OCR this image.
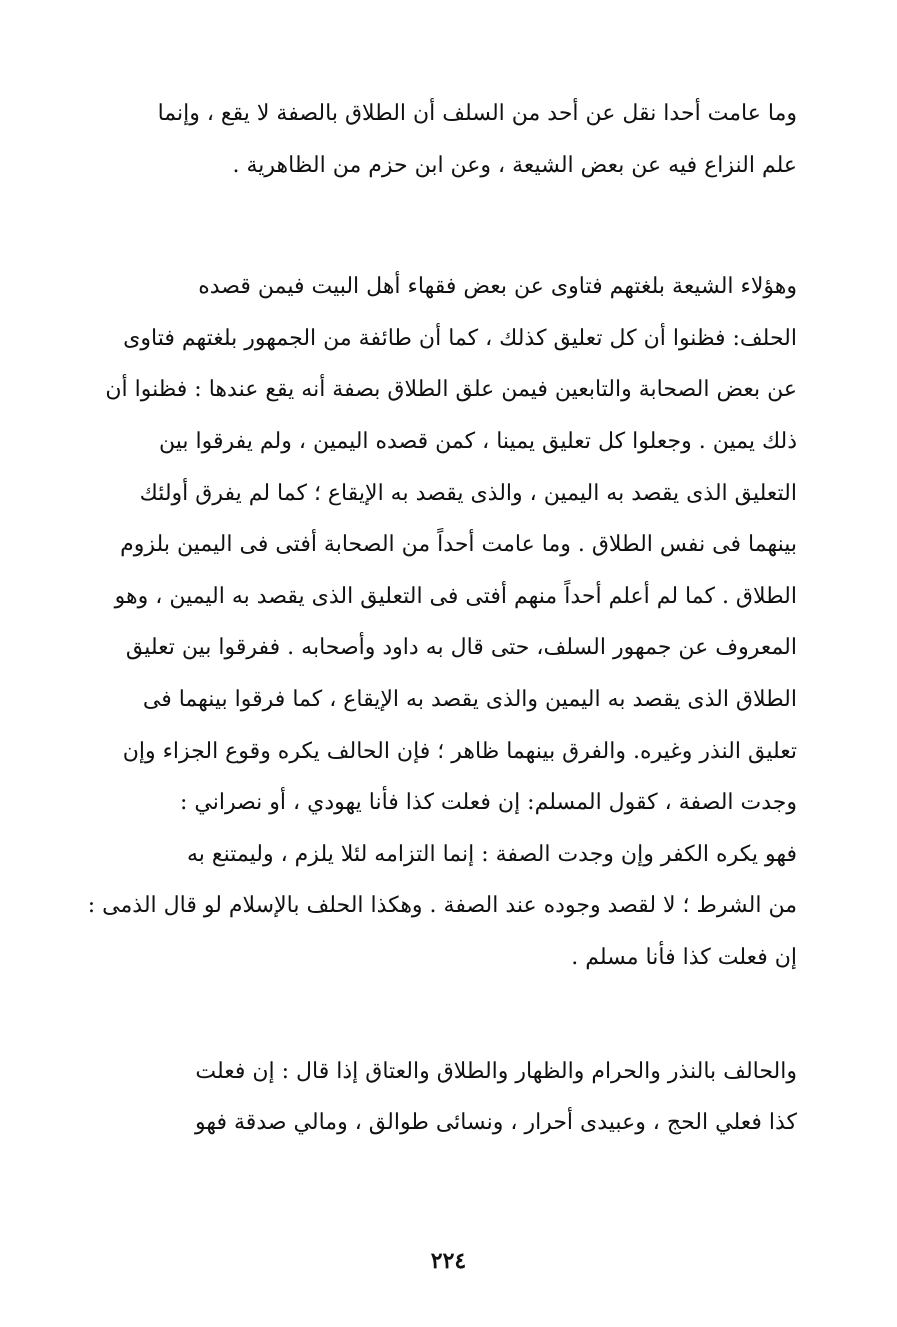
وما عامت أحدا نقل عن أحد من السلف أن الطلاق بالصفة لا يقع ، وإنما

علم النزاع فيه عن بعض الشيعة ، وعن ابن حزم من الظاهرية .

وهؤلاء الشيعة بلغتهم فتاوى عن بعض فقهاء أهل البيت فيمن قصده

الحلف: فظنوا أن كل تعليق كذلك ، كما أن طائفة من الجمهور بلغتهم فتاوى

عن بعض الصحابة والتابعين فيمن علق الطلاق بصفة أنه يقع عندها : فظنوا أن

ذلك يمين . وجعلوا كل تعليق يمينا ، كمن قصده اليمين ، ولم يفرقوا بين

التعليق الذى يقصد به اليمين ، والذى يقصد به الإيقاع ؛ كما لم يفرق أولئك

بينهما فى نفس الطلاق . وما عامت أحداً من الصحابة أفتى فى اليمين بلزوم

الطلاق . كما لم أعلم أحداً منهم أفتى فى التعليق الذى يقصد به اليمين ، وهو

المعروف عن جمهور السلف، حتى قال به داود وأصحابه . ففرقوا بين تعليق

الطلاق الذى يقصد به اليمين والذى يقصد به الإيقاع ، كما فرقوا بينهما فى

تعليق النذر وغيره. والفرق بينهما ظاهر ؛ فإن الحالف يكره وقوع الجزاء وإن

وجدت الصفة ، كقول المسلم: إن فعلت كذا فأنا يهودي ، أو نصراني :

فهو يكره الكفر وإن وجدت الصفة : إنما التزامه لئلا يلزم ، وليمتنع به

من الشرط ؛ لا لقصد وجوده عند الصفة . وهكذا الحلف بالإسلام لو قال الذمى :

إن فعلت كذا فأنا مسلم .

والحالف بالنذر والحرام والظهار والطلاق والعتاق إذا قال : إن فعلت

كذا فعلي الحج ، وعبيدى أحرار ، ونسائى طوالق ، ومالي صدقة فهو

٢٢٤
